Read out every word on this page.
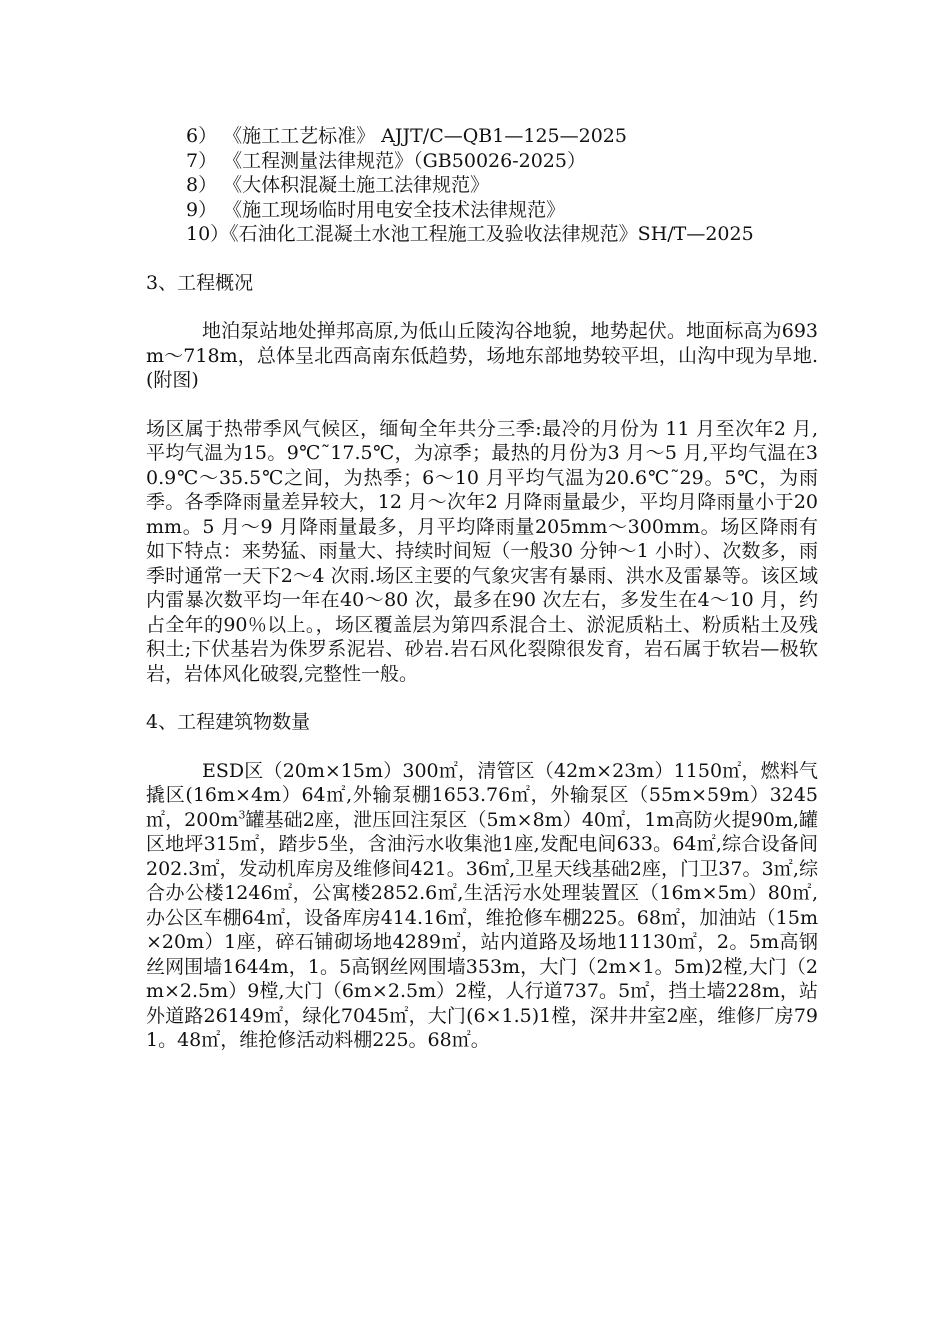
6） 《施工工艺标准》 AJJT/C—QB1—125—2025
7） 《工程测量法律规范》（GB50026-2025）
8） 《大体积混凝土施工法律规范》
9） 《施工现场临时用电安全技术法律规范》
10）《石油化工混凝土水池工程施工及验收法律规范》SH/T—2025
3、工程概况
地泊泵站地处掸邦高原,为低山丘陵沟谷地貌，地势起伏。地面标高为693m～718m，总体呈北西高南东低趋势，场地东部地势较平坦，山沟中现为旱地.(附图)
场区属于热带季风气候区，缅甸全年共分三季:最冷的月份为 11 月至次年2 月,平均气温为15。9℃˜17.5℃，为凉季；最热的月份为3 月～5 月,平均气温在30.9℃～35.5℃之间，为热季；6～10 月平均气温为20.6℃˜29。5℃，为雨季。各季降雨量差异较大，12 月～次年2 月降雨量最少，平均月降雨量小于20mm。5 月～9 月降雨量最多，月平均降雨量205mm～300mm。场区降雨有如下特点：来势猛、雨量大、持续时间短（一般30 分钟～1 小时）、次数多，雨季时通常一天下2～4 次雨.场区主要的气象灾害有暴雨、洪水及雷暴等。该区域内雷暴次数平均一年在40～80 次，最多在90 次左右，多发生在4～10 月，约占全年的90％以上。，场区覆盖层为第四系混合土、淤泥质粘土、粉质粘土及残积土;下伏基岩为侏罗系泥岩、砂岩.岩石风化裂隙很发育，岩石属于软岩—极软岩，岩体风化破裂,完整性一般。
4、工程建筑物数量
ESD区（20m×15m）300㎡，清管区（42m×23m）1150㎡，燃料气撬区(16m×4m）64㎡,外输泵棚1653.76㎡，外输泵区（55m×59m）3245㎡，$200m^3$罐基础2座，泄压回注泵区（5m×8m）40㎡，1m高防火提90m,罐区地坪315㎡，踏步5坐，含油污水收集池1座,发配电间633。64㎡,综合设备间202.3㎡，发动机库房及维修间421。36㎡,卫星天线基础2座，门卫37。3㎡,综合办公楼1246㎡，公寓楼2852.6㎡,生活污水处理装置区（16m×5m）80㎡,办公区车棚64㎡，设备库房414.16㎡，维抢修车棚225。68㎡，加油站（15m×20m）1座，碎石铺砌场地4289㎡，站内道路及场地11130㎡，2。5m高钢丝网围墙1644m，1。5高钢丝网围墙353m，大门（2m×1。5m)2樘,大门（2m×2.5m）9樘,大门（6m×2.5m）2樘，人行道737。5㎡，挡土墙228m，站外道路26149㎡，绿化7045㎡，大门(6×1.5)1樘，深井井室2座，维修厂房791。48㎡，维抢修活动料棚225。68㎡。
